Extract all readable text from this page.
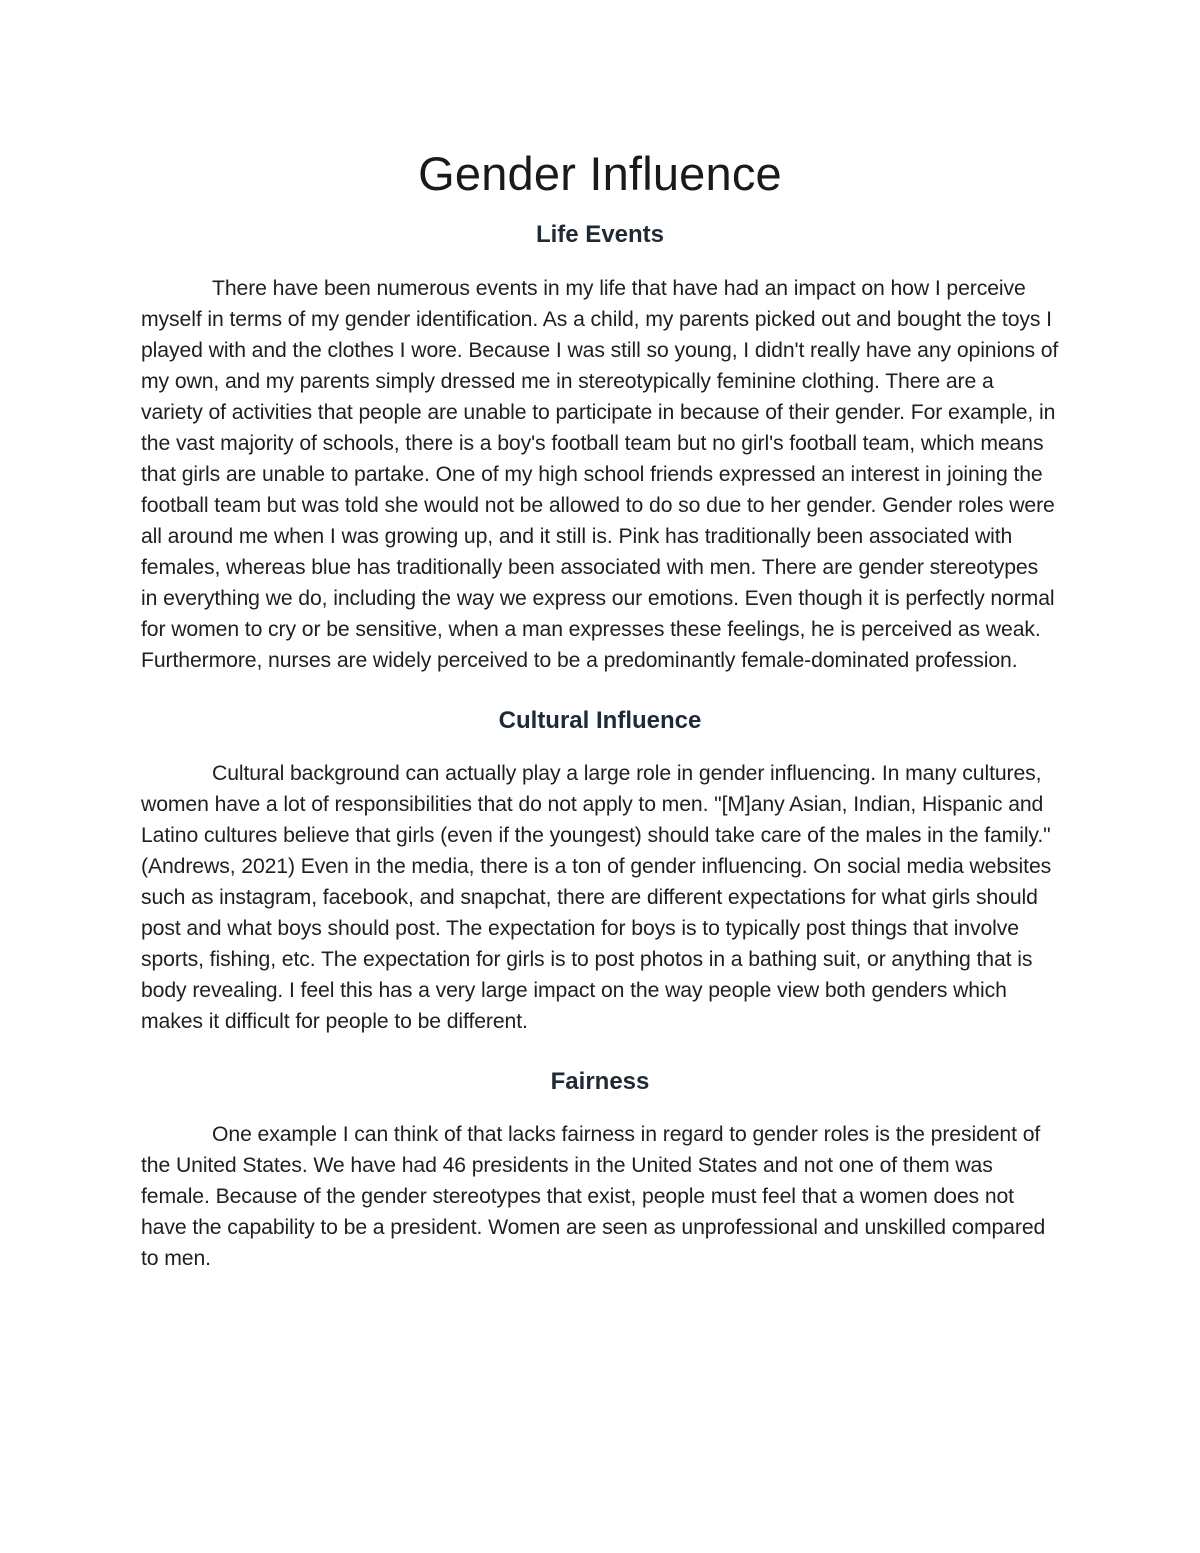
Gender Influence
Life Events

There have been numerous events in my life that have had an impact on how I perceive myself in terms of my gender identification. As a child, my parents picked out and bought the toys I played with and the clothes I wore. Because I was still so young, I didn't really have any opinions of my own, and my parents simply dressed me in stereotypically feminine clothing. There are a variety of activities that people are unable to participate in because of their gender. For example, in the vast majority of schools, there is a boy's football team but no girl's football team, which means that girls are unable to partake. One of my high school friends expressed an interest in joining the football team but was told she would not be allowed to do so due to her gender. Gender roles were all around me when I was growing up, and it still is. Pink has traditionally been associated with females, whereas blue has traditionally been associated with men. There are gender stereotypes in everything we do, including the way we express our emotions. Even though it is perfectly normal for women to cry or be sensitive, when a man expresses these feelings, he is perceived as weak. Furthermore, nurses are widely perceived to be a predominantly female-dominated profession.

Cultural Influence

Cultural background can actually play a large role in gender influencing. In many cultures, women have a lot of responsibilities that do not apply to men. "[M]any Asian, Indian, Hispanic and Latino cultures believe that girls (even if the youngest) should take care of the males in the family." (Andrews, 2021) Even in the media, there is a ton of gender influencing. On social media websites such as instagram, facebook, and snapchat, there are different expectations for what girls should post and what boys should post. The expectation for boys is to typically post things that involve sports, fishing, etc. The expectation for girls is to post photos in a bathing suit, or anything that is body revealing. I feel this has a very large impact on the way people view both genders which makes it difficult for people to be different.

Fairness

One example I can think of that lacks fairness in regard to gender roles is the president of the United States. We have had 46 presidents in the United States and not one of them was female. Because of the gender stereotypes that exist, people must feel that a women does not have the capability to be a president. Women are seen as unprofessional and unskilled compared to men.
